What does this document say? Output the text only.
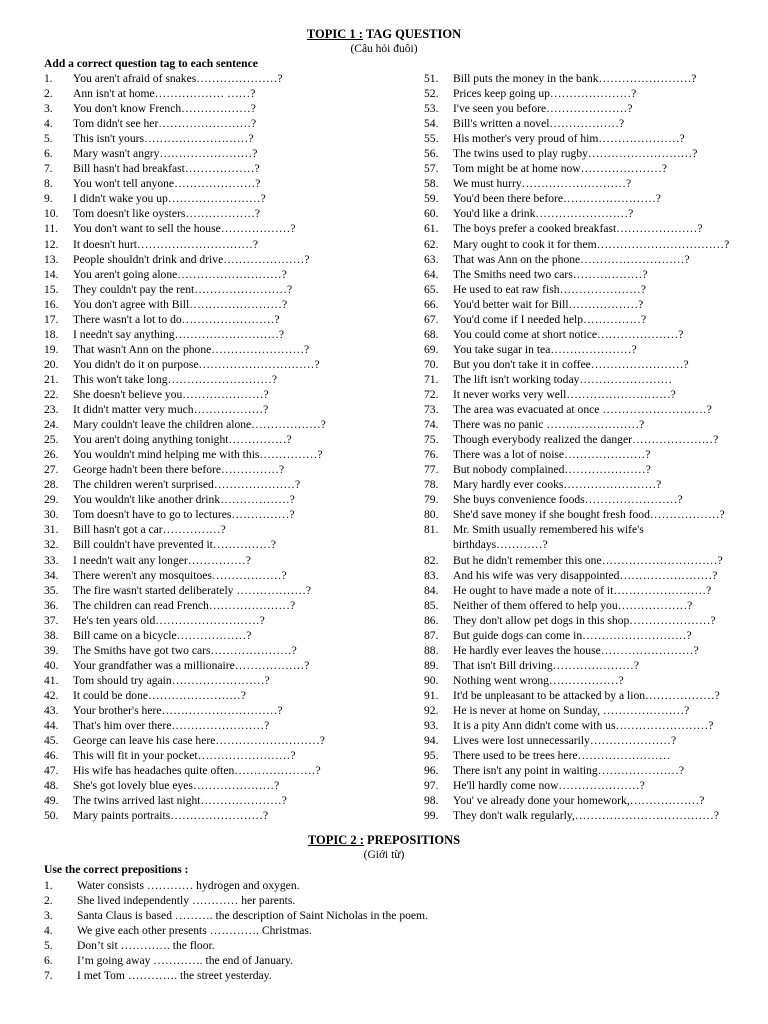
TOPIC 1 : TAG QUESTION
(Câu hỏi đuôi)
Add a correct question tag to each sentence
1.	You aren't afraid of snakes…………………?
2.	Ann isn't at home……………… ……?
3.	You don't know French………………?
4.	Tom didn't see her……………………?
5.	This isn't yours………………………?
6.	Mary wasn't angry……………………?
7.	Bill hasn't had breakfast………………?
8.	You won't tell anyone…………………?
9.	I didn't wake you up……………………?
10.	Tom doesn't like oysters………………?
11.	You don't want to sell the house………………?
12.	It doesn't hurt…………………………?
13.	People shouldn't drink and drive…………………?
14.	You aren't going alone………………………?
15.	They couldn't pay the rent……………………?
16.	You don't agree with Bill……………………?
17.	There wasn't a lot to do……………………?
18.	I needn't say anything………………………?
19.	That wasn't Ann on the phone……………………?
20.	You didn't do it on purpose…………………………?
21.	This won't take long………………………?
22.	She doesn't believe you…………………?
23.	It didn't matter very much………………?
24.	Mary couldn't leave the children alone………………?
25.	You aren't doing anything tonight……………?
26.	You wouldn't mind helping me with this……………?
27.	George hadn't been there before……………?
28.	The children weren't surprised…………………?
29.	You wouldn't like another drink………………?
30.	Tom doesn't have to go to lectures……………?
31.	Bill hasn't got a car……………?
32.	Bill couldn't have prevented it……………?
33.	I needn't wait any longer……………?
34.	There weren't any mosquitoes………………?
35.	The fire wasn't started deliberately ………………?
36.	The children can read French…………………?
37.	He's ten years old………………………?
38.	Bill came on a bicycle………………?
39.	The Smiths have got two cars…………………?
40.	Your grandfather was a millionaire………………?
41.	Tom should try again……………………?
42.	It could be done……………………?
43.	Your brother's here…………………………?
44.	That's him over there……………………?
45.	George can leave his case here………………………?
46.	This will fit in your pocket……………………?
47.	His wife has headaches quite often…………………?
48.	She's got lovely blue eyes…………………?
49.	The twins arrived last night…………………?
50.	Mary paints portraits……………………?
51.	Bill puts the money in the bank……………………?
52.	Prices keep going up…………………?
53.	I've seen you before…………………?
54.	Bill's written a novel………………?
55.	His mother's very proud of him…………………?
56.	The twins used to play rugby………………………?
57.	Tom might be at home now…………………?
58.	We must hurry………………………?
59.	You'd been there before……………………?
60.	You'd like a drink……………………?
61.	The boys prefer a cooked breakfast…………………?
62.	Mary ought to cook it for them……………………………?
63.	That was Ann on the phone………………………?
64.	The Smiths need two cars………………?
65.	He used to eat raw fish…………………?
66.	You'd better wait for Bill………………?
67.	You'd come if I needed help……………?
68.	You could come at short notice…………………?
69.	You take sugar in tea…………………?
70.	But you don't take it in coffee……………………?
71.	The lift isn't working today……………………
72.	It never works very well………………………?
73.	The area was evacuated at once ………………………?
74.	There was no panic ……………………?
75.	Though everybody realized the danger…………………?
76.	There was a lot of noise…………………?
77.	But nobody complained…………………?
78.	Mary hardly ever cooks……………………?
79.	She buys convenience foods……………………?
80.	She'd save money if she bought fresh food………………?
81.	Mr. Smith usually remembered his wife's birthdays…………?
82.	But he didn't remember this one…………………………?
83.	And his wife was very disappointed……………………?
84.	He ought to have made a note of it……………………?
85.	Neither of them offered to help you………………?
86.	They don't allow pet dogs in this shop…………………?
87.	But guide dogs can come in………………………?
88.	He hardly ever leaves the house……………………?
89.	That isn't Bill driving…………………?
90.	Nothing went wrong………………?
91.	It'd be unpleasant to be attacked by a lion………………?
92.	He is never at home on Sunday, …………………?
93.	It is a pity Ann didn't come with us……………………?
94.	Lives were lost unnecessarily…………………?
95.	There used to be trees here……………………
96.	There isn't any point in waiting…………………?
97.	He'll hardly come now…………………?
98.	You' ve already done your homework,………………?
99.	They don't walk regularly,………………………………?
TOPIC 2 : PREPOSITIONS
(Giới từ)
Use the correct prepositions :
1.	Water consists ………… hydrogen and oxygen.
2.	She lived independently ………… her parents.
3.	Santa Claus is based ………. the description of Saint Nicholas in the poem.
4.	We give each other presents …………. Christmas.
5.	Don’t sit …………. the floor.
6.	I’m going away …………. the end of January.
7.	I met Tom …………. the street yesterday.
